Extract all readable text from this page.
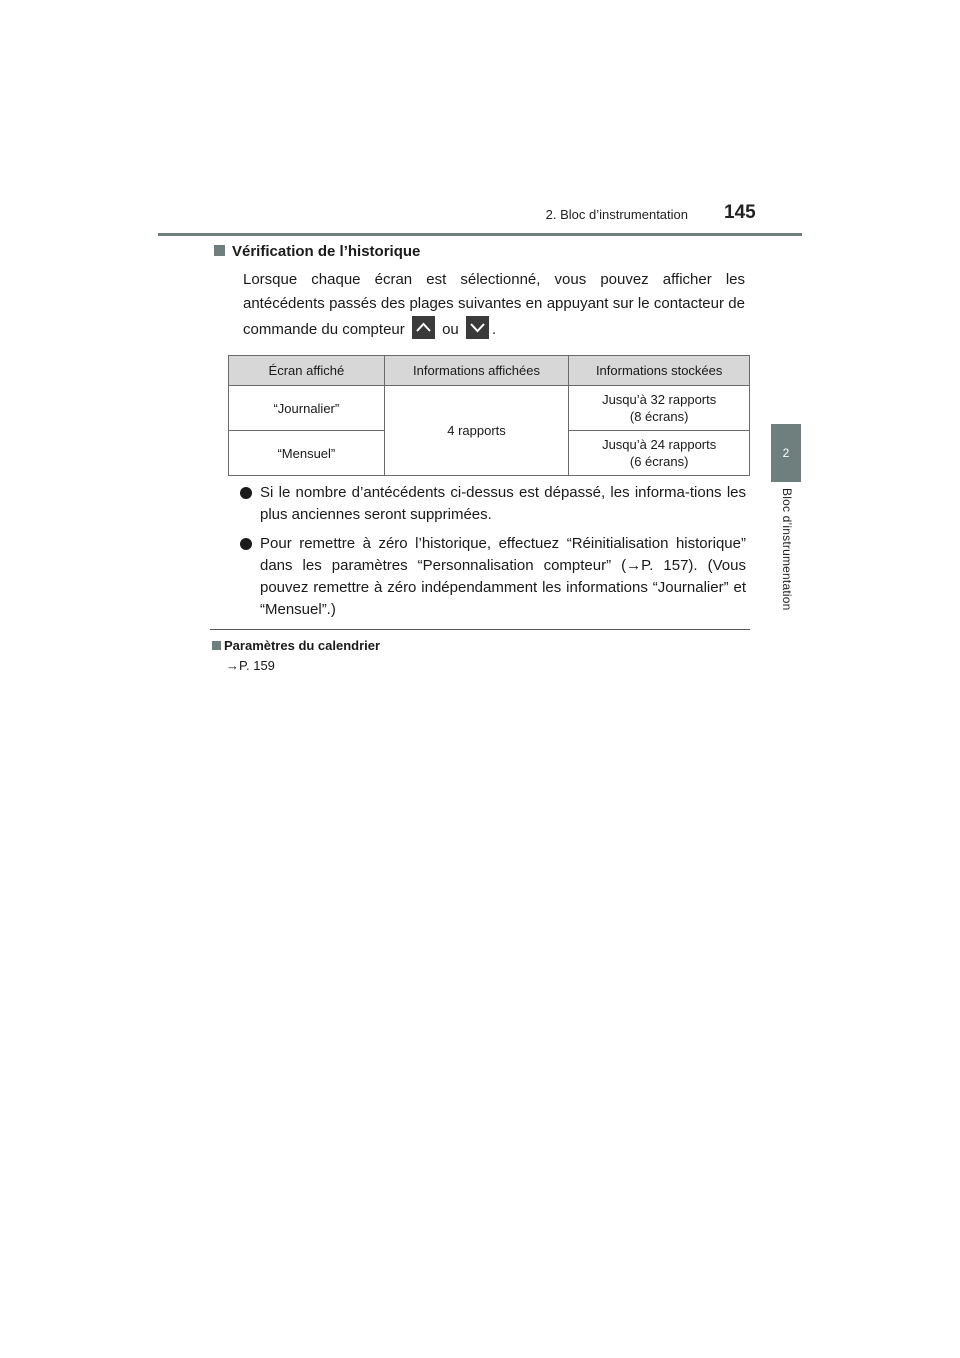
2. Bloc d’instrumentation 145
2
Bloc d’instrumentation
Vérification de l’historique
Lorsque chaque écran est sélectionné, vous pouvez afficher les antécédents passés des plages suivantes en appuyant sur le contacteur de commande du compteur ou .
Écran affiché	Informations affichées	Informations stockées
“Journalier”	4 rapports	Jusqu’à 32 rapports
(8 écrans)

“Mensuel”		Jusqu’à 24 rapports
(6 écrans)
Si le nombre d’antécédents ci-dessus est dépassé, les informa-tions les plus anciennes seront supprimées.
Pour remettre à zéro l’historique, effectuez “Réinitialisation historique” dans les paramètres “Personnalisation compteur” (→P. 157). (Vous pouvez remettre à zéro indépendamment les informations “Journalier” et “Mensuel”.)
Paramètres du calendrier
→P. 159
